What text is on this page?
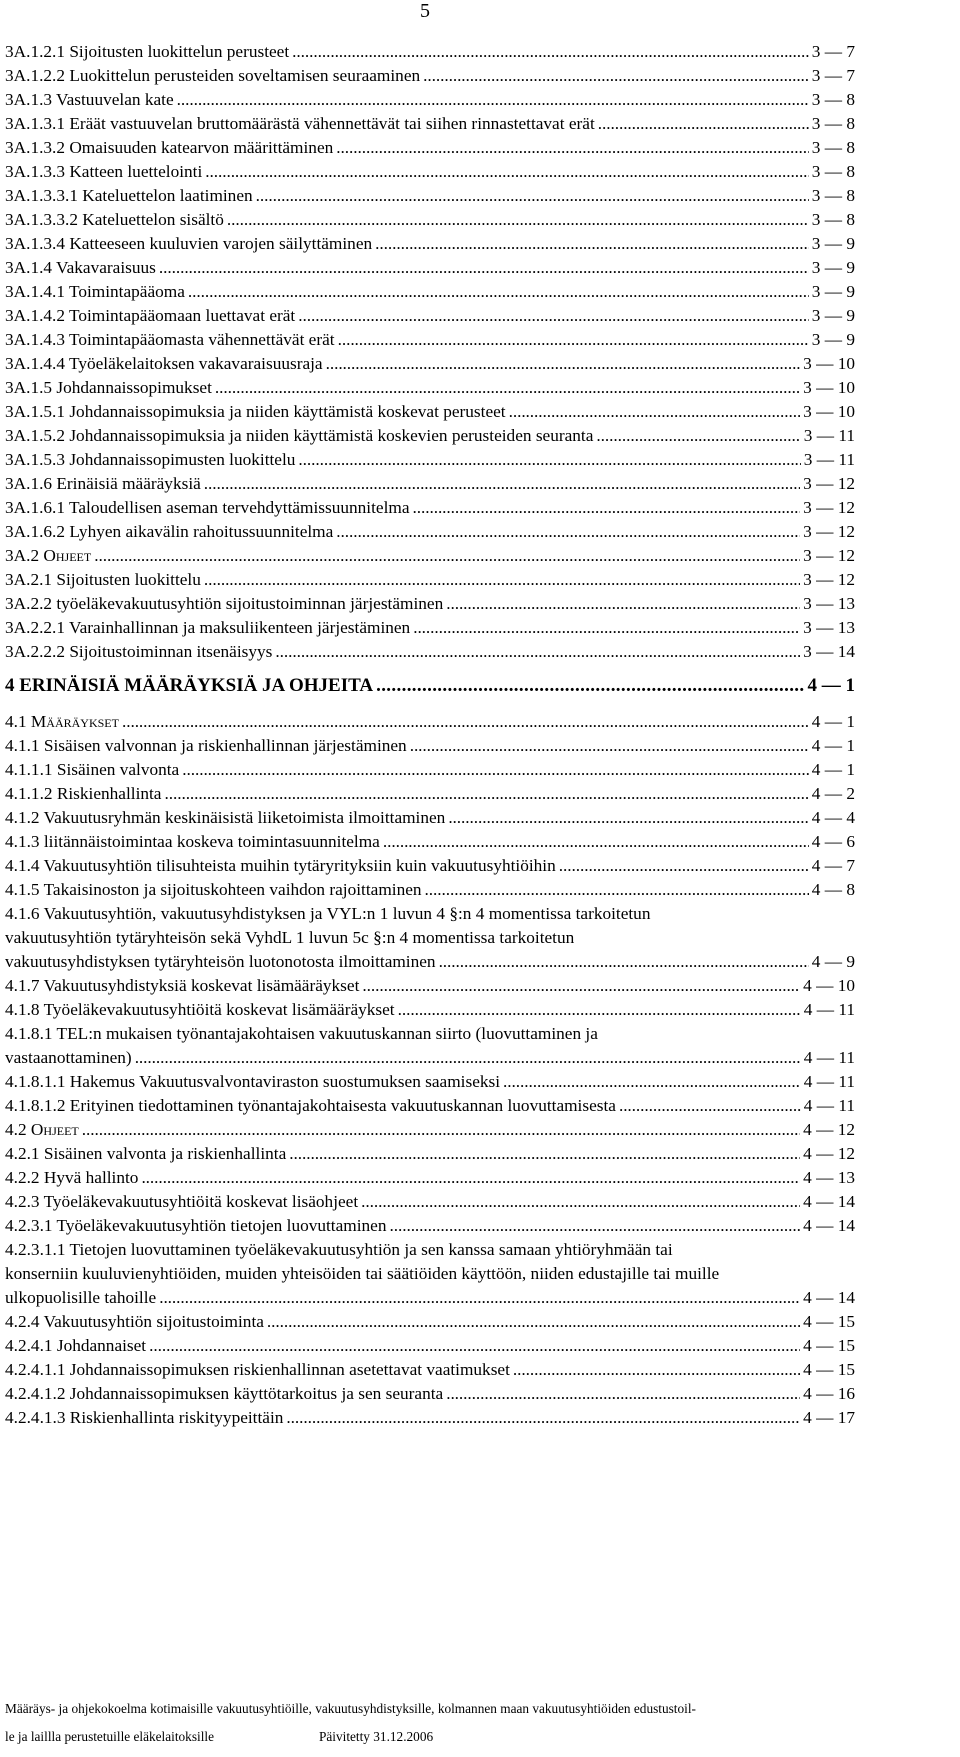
5
3A.1.2.1 Sijoitusten luokittelun perusteet . . .	3 — 7
3A.1.2.2 Luokittelun perusteiden soveltamisen seuraaminen . . .	3 — 7
3A.1.3 Vastuuvelan kate . . .	3 — 8
3A.1.3.1 Eräät vastuuvelan bruttomäärästä vähennettävät tai siihen rinnastettavat erät . . .	3 — 8
3A.1.3.2 Omaisuuden katearvon määrittäminen . . .	3 — 8
3A.1.3.3 Katteen luettelointi . . .	3 — 8
3A.1.3.3.1 Kateluettelon laatiminen . . .	3 — 8
3A.1.3.3.2 Kateluettelon sisältö . . .	3 — 8
3A.1.3.4 Katteeseen kuuluvien varojen säilyttäminen . . .	3 — 9
3A.1.4 Vakavaraisuus . . .	3 — 9
3A.1.4.1 Toimintapääoma . . .	3 — 9
3A.1.4.2 Toimintapääomaan luettavat erät . . .	3 — 9
3A.1.4.3 Toimintapääomasta vähennettävät erät . . .	3 — 9
3A.1.4.4 Työeläkelaitoksen vakavaraisuusraja . . .	3 — 10
3A.1.5 Johdannaissopimukset . . .	3 — 10
3A.1.5.1 Johdannaissopimuksia ja niiden käyttämistä koskevat perusteet . . .	3 — 10
3A.1.5.2 Johdannaissopimuksia ja niiden käyttämistä koskevien perusteiden seuranta . . .	3 — 11
3A.1.5.3 Johdannaissopimusten luokittelu . . .	3 — 11
3A.1.6 Erinäisiä määräyksiä . . .	3 — 12
3A.1.6.1 Taloudellisen aseman tervehdyttämissuunnitelma . . .	3 — 12
3A.1.6.2 Lyhyen aikavälin rahoitussuunnitelma . . .	3 — 12
3A.2 Ohjeet . . .	3 — 12
3A.2.1 Sijoitusten luokittelu . . .	3 — 12
3A.2.2 työeläkevakuutusyhtiön sijoitustoiminnan järjestäminen . . .	3 — 13
3A.2.2.1 Varainhallinnan ja maksuliikenteen järjestäminen . . .	3 — 13
3A.2.2.2 Sijoitustoiminnan itsenäisyys . . .	3 — 14
4 ERINÄISIÄ MÄÄRÄYKSIÄ JA OHJEITA . . .	4 — 1
4.1 Määräykset . . .	4 — 1
4.1.1 Sisäisen valvonnan ja riskienhallinnan järjestäminen . . .	4 — 1
4.1.1.1 Sisäinen valvonta . . .	4 — 1
4.1.1.2 Riskienhallinta . . .	4 — 2
4.1.2 Vakuutusryhmän keskinäisistä liiketoimista ilmoittaminen . . .	4 — 4
4.1.3 liitännäistoimintaa koskeva toimintasuunnitelma . . .	4 — 6
4.1.4 Vakuutusyhtiön tilisuhteista muihin tytäryrityksiin kuin vakuutusyhtiöihin . . .	4 — 7
4.1.5 Takaisinoston ja sijoituskohteen vaihdon rajoittaminen . . .	4 — 8
4.1.6 Vakuutusyhtiön, vakuutusyhdistyksen ja VYL:n 1 luvun 4 §:n 4 momentissa tarkoitetun
vakuutusyhtiön tytäryhteisön sekä VyhdL 1 luvun 5c §:n 4 momentissa tarkoitetun
vakuutusyhdistyksen tytäryhteisön luotonotosta ilmoittaminen . . .	4 — 9
4.1.7 Vakuutusyhdistyksiä koskevat lisämääräykset . . .	4 — 10
4.1.8 Työeläkevakuutusyhtiöitä koskevat lisämääräykset . . .	4 — 11
4.1.8.1 TEL:n mukaisen työnantajakohtaisen vakuutuskannan siirto (luovuttaminen ja
vastaanottaminen) . . .	4 — 11
4.1.8.1.1 Hakemus Vakuutusvalvontaviraston suostumuksen saamiseksi . . .	4 — 11
4.1.8.1.2 Erityinen tiedottaminen työnantajakohtaisesta vakuutuskannan luovuttamisesta . . .	4 — 11
4.2 Ohjeet . . .	4 — 12
4.2.1 Sisäinen valvonta ja riskienhallinta . . .	4 — 12
4.2.2 Hyvä hallinto . . .	4 — 13
4.2.3 Työeläkevakuutusyhtiöitä koskevat lisäohjeet . . .	4 — 14
4.2.3.1 Työeläkevakuutusyhtiön tietojen luovuttaminen . . .	4 — 14
4.2.3.1.1 Tietojen luovuttaminen työeläkevakuutusyhtiön ja sen kanssa samaan yhtiöryhmään tai
konserniin kuuluvienyhtiöiden, muiden yhteisöiden tai säätiöiden käyttöön, niiden edustajille tai muille
ulkopuolisille tahoille . . .	4 — 14
4.2.4 Vakuutusyhtiön sijoitustoiminta . . .	4 — 15
4.2.4.1 Johdannaiset . . .	4 — 15
4.2.4.1.1 Johdannaissopimuksen riskienhallinnan asetettavat vaatimukset . . .	4 — 15
4.2.4.1.2 Johdannaissopimuksen käyttötarkoitus ja sen seuranta . . .	4 — 16
4.2.4.1.3 Riskienhallinta riskityypeittäin . . .	4 — 17
Määräys- ja ohjekokoelma kotimaisille vakuutusyhtiöille, vakuutusyhdistyksille, kolmannen maan vakuutusyhtiöiden edustustoil-
le ja laillla perustetuille eläkelaitoksille	Päivitetty 31.12.2006
